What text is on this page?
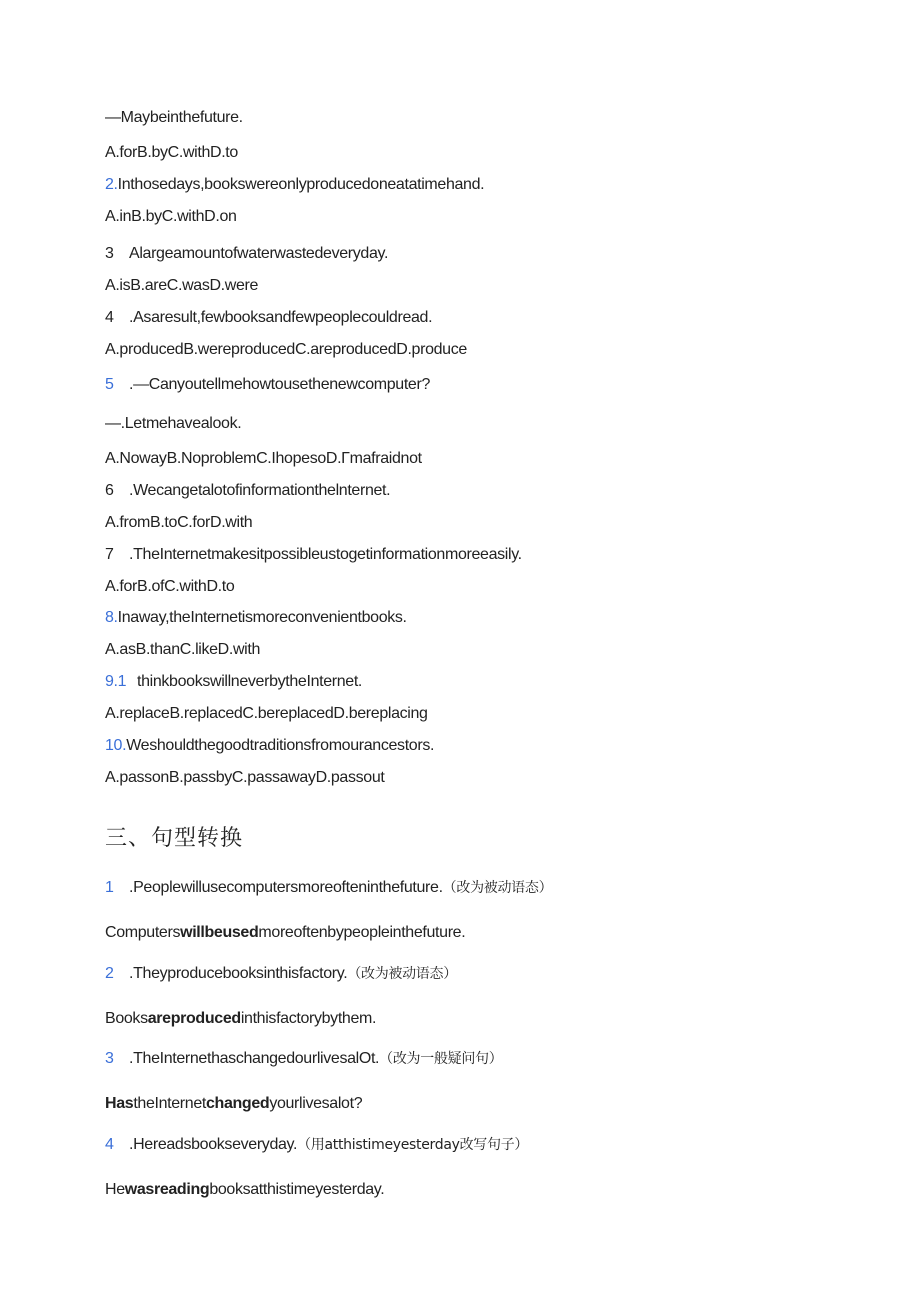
—Maybeinthefuture.
A.forB.byC.withD.to
2.Inthosedays,bookswereonlyproducedoneatatimehand.
A.inB.byC.withD.on
3 Alargeamountofwaterwastedeveryday.
A.isB.areC.wasD.were
4 .Asaresult,fewbooksandfewpeoplecouldread.
A.producedB.wereproducedC.areproducedD.produce
5 .—Canyoutellmehowtousethenewcomputer?
—.Letmehavealook.
A.NowayB.NoproblemC.IhopesoD.Γmafraidnot
6 .Wecangetalotofinformationthelnternet.
A.fromB.toC.forD.with
7 .TheInternetmakesitpossibleustogetinformationmoreeasily.
A.forB.ofC.withD.to
8.Inaway,theInternetismoreconvenientbooks.
A.asB.thanC.likeD.with
9.1 thinkbookswillneverbytheInternet.
A.replaceB.replacedC.bereplacedD.bereplacing
10.Weshouldthegoodtraditionsfromourancestors.
A.passonB.passbyC.passawayD.passout
三、句型转换
1 .Peoplewillusecomputersmoreofteninthefuture.（改为被动语态）
Computerswillbeusedmoreoftenbypeopleinthefuture.
2 .Theyproducebooksinthisfactory.（改为被动语态）
Booksareproducedinthisfactorybythem.
3 .TheInternethaschangedourlivesalOt.（改为一般疑问句）
HastheInternetchangedyourlivesalot?
4 .Hereadsbookseveryday.（用atthistimeyesterday改写句子）
Hewasreadingbooksatthistimeyesterday.
